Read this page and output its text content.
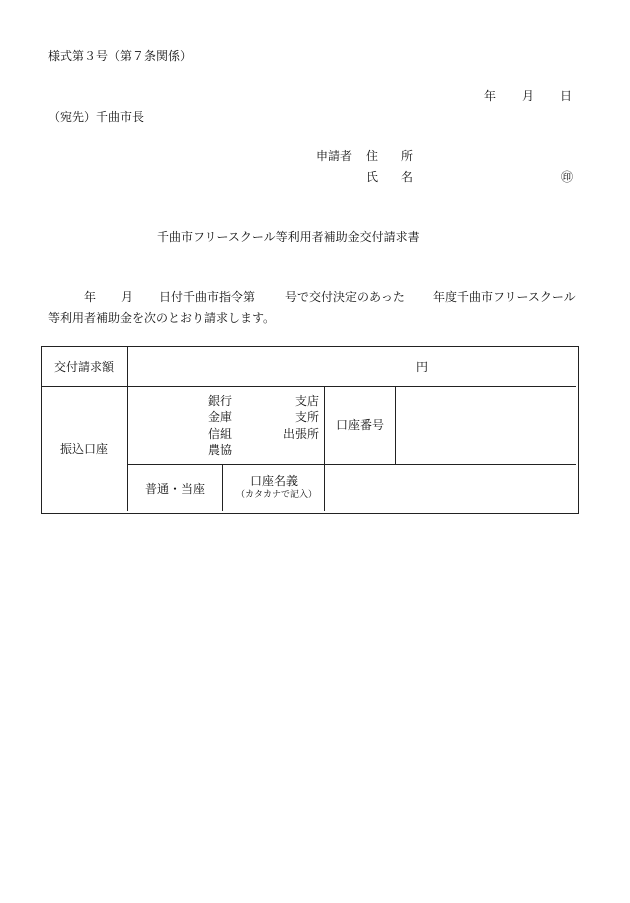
様式第３号（第７条関係）
年 月 日
（宛先）千曲市長
申請者 住 所
氏 名	㊞
千曲市フリースクール等利用者補助金交付請求書
年 月 日付千曲市指令第 号で交付決定のあった 年度千曲市フリースクール
等利用者補助金を次のとおり請求します。
交付請求額	円
振込口座
銀行
金庫
信組
農協
支店
支所
出張所
口座番号
普通・当座
口座名義
（カタカナで記入）
